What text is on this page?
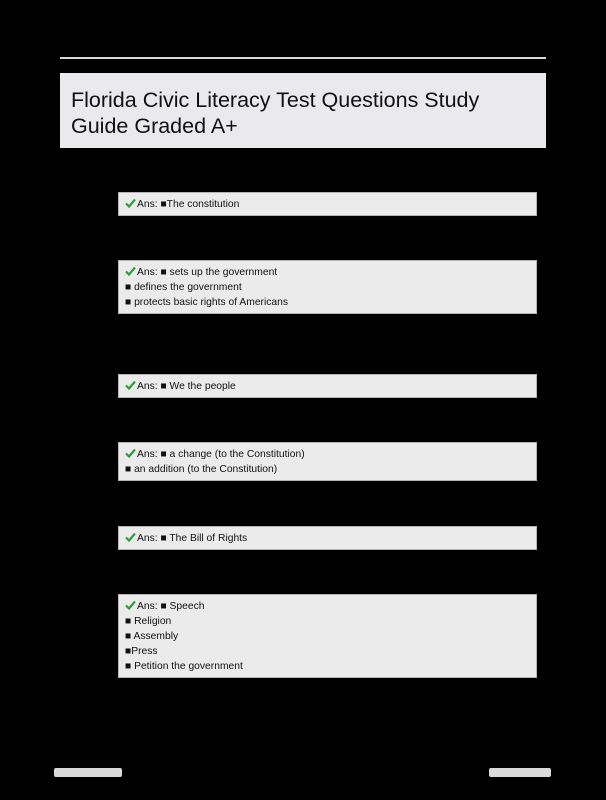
Florida Civic Literacy Test Questions Study Guide Graded A+
Ans: ■The constitution
Ans: ■ sets up the government
■ defines the government
■ protects basic rights of Americans
Ans: ■ We the people
Ans: ■ a change (to the Constitution)
■ an addition (to the Constitution)
Ans: ■ The Bill of Rights
Ans: ■ Speech
■ Religion
■ Assembly
■Press
■ Petition the government
